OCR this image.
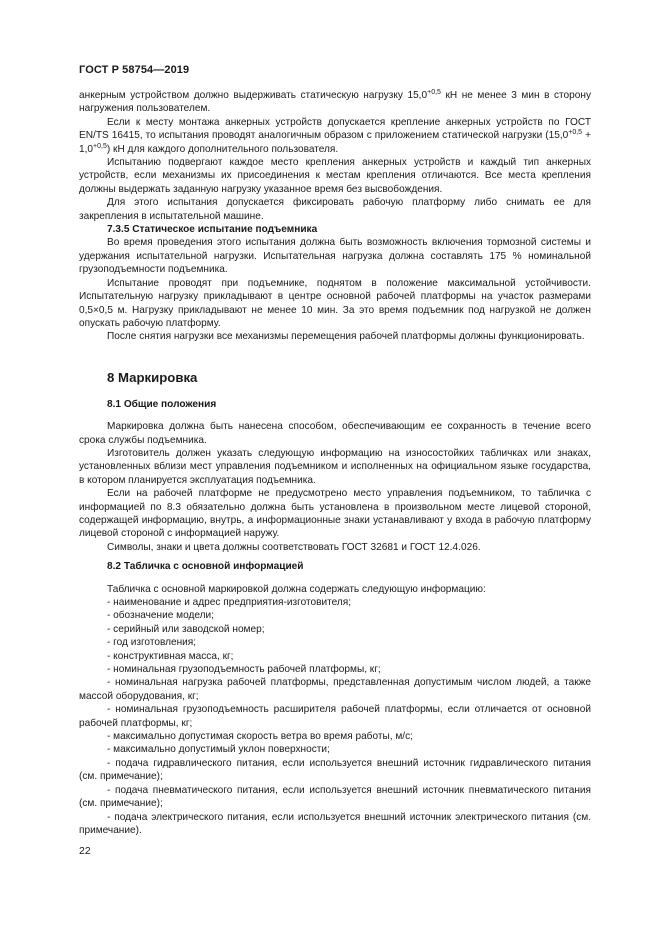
ГОСТ Р 58754—2019

анкерным устройством должно выдерживать статическую нагрузку $15,0^{+0,5}$ кН не менее 3 мин в сторону нагружения пользователем.

Если к месту монтажа анкерных устройств допускается крепление анкерных устройств по ГОСТ EN/TS 16415, то испытания проводят аналогичным образом с приложением статической нагрузки $(15,0^{+0,5} + 1,0^{+0,5})$ кН для каждого дополнительного пользователя.

Испытанию подвергают каждое место крепления анкерных устройств и каждый тип анкерных устройств, если механизмы их присоединения к местам крепления отличаются. Все места крепления должны выдержать заданную нагрузку указанное время без высвобождения.

Для этого испытания допускается фиксировать рабочую платформу либо снимать ее для закрепления в испытательной машине.

7.3.5 Статическое испытание подъемника

Во время проведения этого испытания должна быть возможность включения тормозной системы и удержания испытательной нагрузки. Испытательная нагрузка должна составлять 175 % номинальной грузоподъемности подъемника.

Испытание проводят при подъемнике, поднятом в положение максимальной устойчивости. Испытательную нагрузку прикладывают в центре основной рабочей платформы на участок размерами 0,5×0,5 м. Нагрузку прикладывают не менее 10 мин. За это время подъемник под нагрузкой не должен опускать рабочую платформу.

После снятия нагрузки все механизмы перемещения рабочей платформы должны функционировать.

8 Маркировка

8.1 Общие положения

Маркировка должна быть нанесена способом, обеспечивающим ее сохранность в течение всего срока службы подъемника.

Изготовитель должен указать следующую информацию на износостойких табличках или знаках, установленных вблизи мест управления подъемником и исполненных на официальном языке государства, в котором планируется эксплуатация подъемника.

Если на рабочей платформе не предусмотрено место управления подъемником, то табличка с информацией по 8.3 обязательно должна быть установлена в произвольном месте лицевой стороной, содержащей информацию, внутрь, а информационные знаки устанавливают у входа в рабочую платформу лицевой стороной с информацией наружу.

Символы, знаки и цвета должны соответствовать ГОСТ 32681 и ГОСТ 12.4.026.

8.2 Табличка с основной информацией

Табличка с основной маркировкой должна содержать следующую информацию:

- наименование и адрес предприятия-изготовителя;

- обозначение модели;

- серийный или заводской номер;

- год изготовления;

- конструктивная масса, кг;

- номинальная грузоподъемность рабочей платформы, кг;

- номинальная нагрузка рабочей платформы, представленная допустимым числом людей, а также массой оборудования, кг;

- номинальная грузоподъемность расширителя рабочей платформы, если отличается от основной рабочей платформы, кг;

- максимально допустимая скорость ветра во время работы, м/с;

- максимально допустимый уклон поверхности;

- подача гидравлического питания, если используется внешний источник гидравлического питания (см. примечание);

- подача пневматического питания, если используется внешний источник пневматического питания (см. примечание);

- подача электрического питания, если используется внешний источник электрического питания (см. примечание).

22
